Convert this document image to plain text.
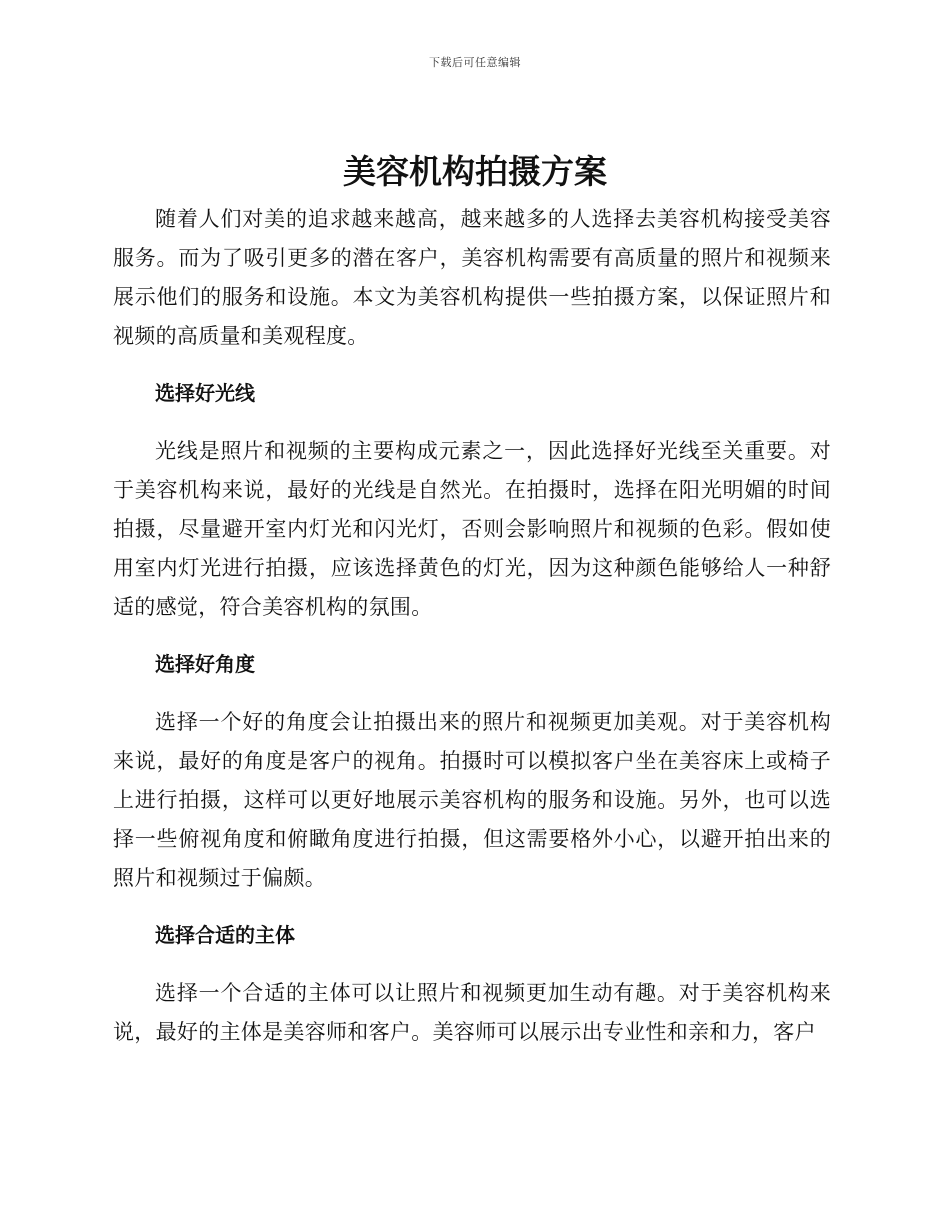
下载后可任意编辑
美容机构拍摄方案

随着人们对美的追求越来越高，越来越多的人选择去美容机构接受美容服务。而为了吸引更多的潜在客户，美容机构需要有高质量的照片和视频来展示他们的服务和设施。本文为美容机构提供一些拍摄方案，以保证照片和视频的高质量和美观程度。

选择好光线

光线是照片和视频的主要构成元素之一，因此选择好光线至关重要。对于美容机构来说，最好的光线是自然光。在拍摄时，选择在阳光明媚的时间拍摄，尽量避开室内灯光和闪光灯，否则会影响照片和视频的色彩。假如使用室内灯光进行拍摄，应该选择黄色的灯光，因为这种颜色能够给人一种舒适的感觉，符合美容机构的氛围。

选择好角度

选择一个好的角度会让拍摄出来的照片和视频更加美观。对于美容机构来说，最好的角度是客户的视角。拍摄时可以模拟客户坐在美容床上或椅子上进行拍摄，这样可以更好地展示美容机构的服务和设施。另外，也可以选择一些俯视角度和俯瞰角度进行拍摄，但这需要格外小心，以避开拍出来的照片和视频过于偏颇。

选择合适的主体

选择一个合适的主体可以让照片和视频更加生动有趣。对于美容机构来说，最好的主体是美容师和客户。美容师可以展示出专业性和亲和力，客户
